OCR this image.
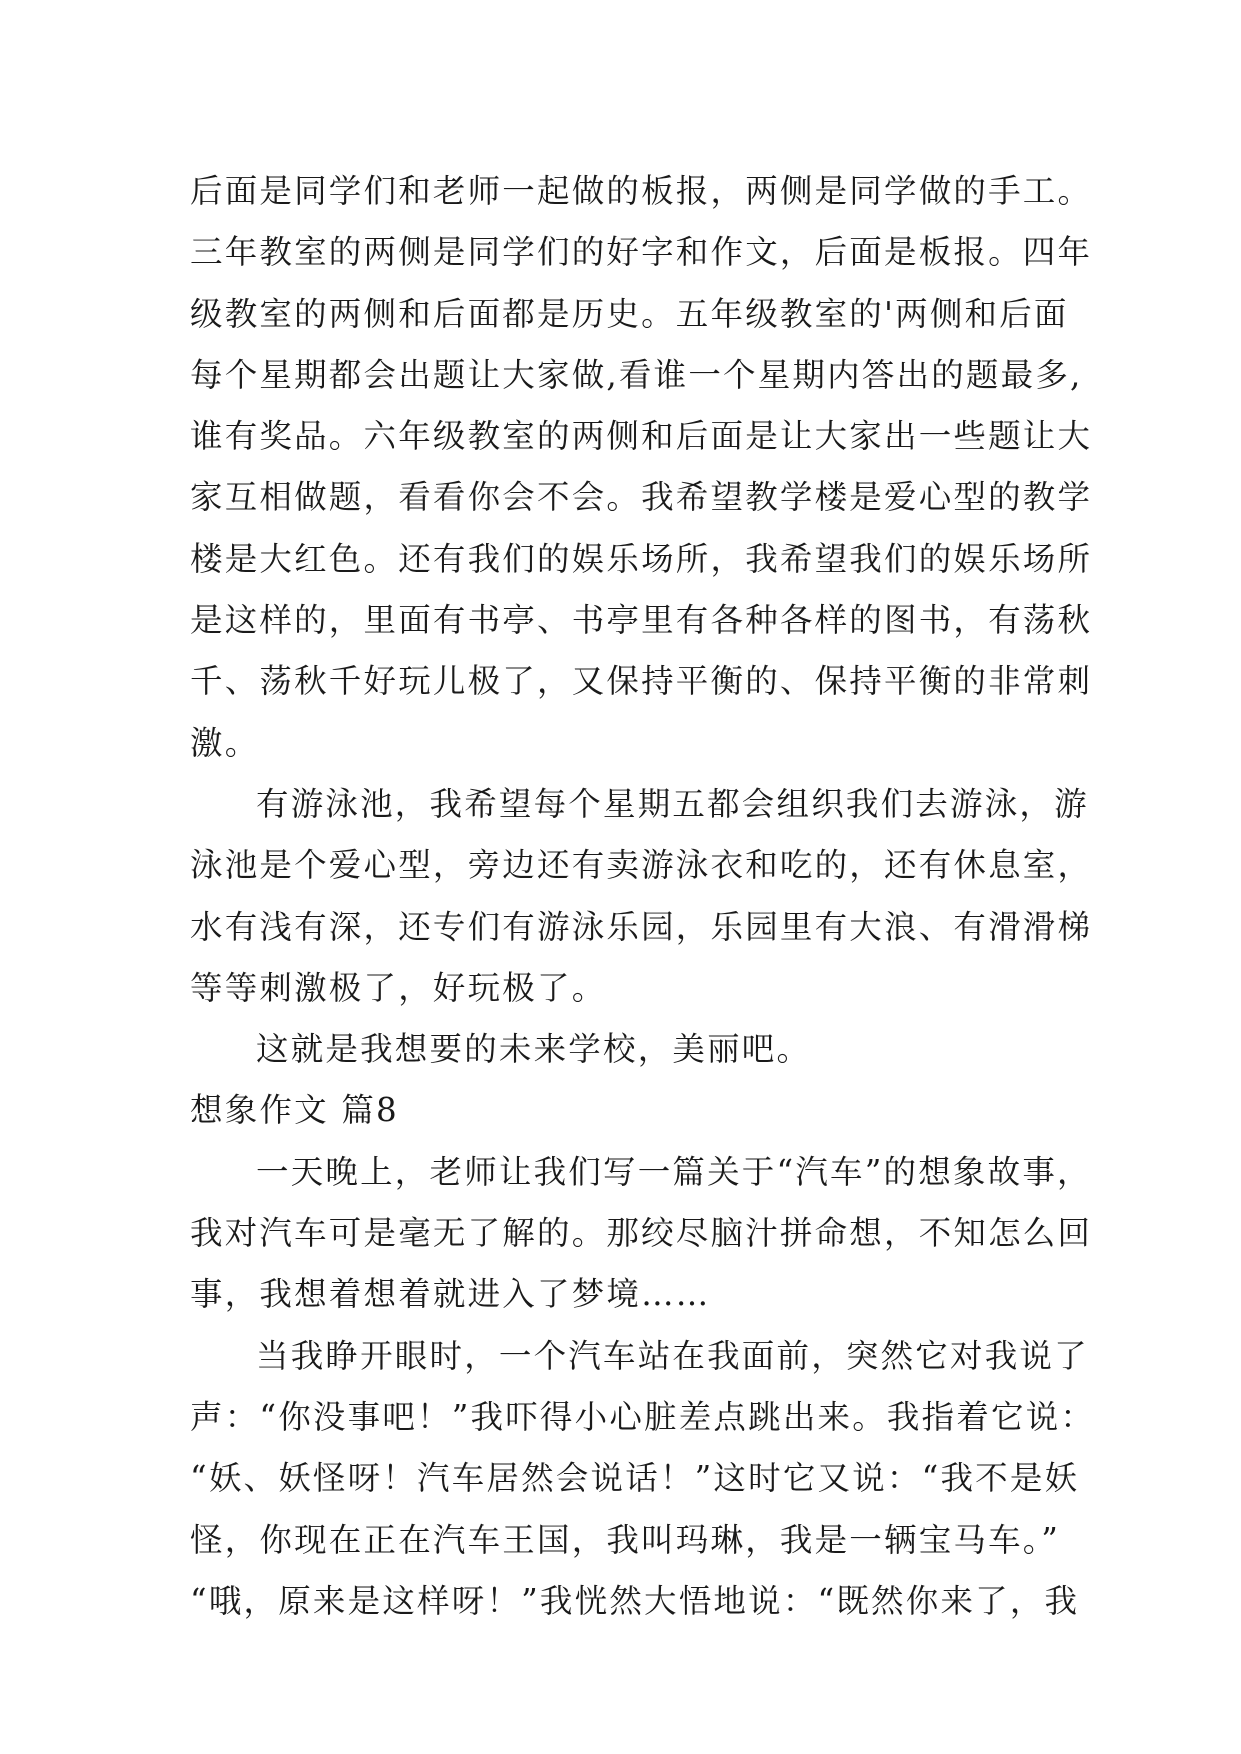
后面是同学们和老师一起做的板报，两侧是同学做的手工。
三年教室的两侧是同学们的好字和作文，后面是板报。四年
级教室的两侧和后面都是历史。五年级教室的'两侧和后面
每个星期都会出题让大家做,看谁一个星期内答出的题最多,
谁有奖品。六年级教室的两侧和后面是让大家出一些题让大
家互相做题，看看你会不会。我希望教学楼是爱心型的教学
楼是大红色。还有我们的娱乐场所，我希望我们的娱乐场所
是这样的，里面有书亭、书亭里有各种各样的图书，有荡秋
千、荡秋千好玩儿极了，又保持平衡的、保持平衡的非常刺
激。
有游泳池，我希望每个星期五都会组织我们去游泳，游
泳池是个爱心型，旁边还有卖游泳衣和吃的，还有休息室，
水有浅有深，还专们有游泳乐园，乐园里有大浪、有滑滑梯
等等刺激极了，好玩极了。
这就是我想要的未来学校，美丽吧。
想象作文 篇8
一天晚上，老师让我们写一篇关于“汽车”的想象故事，
我对汽车可是毫无了解的。那绞尽脑汁拼命想，不知怎么回
事，我想着想着就进入了梦境……
当我睁开眼时，一个汽车站在我面前，突然它对我说了
声：“你没事吧！”我吓得小心脏差点跳出来。我指着它说：
“妖、妖怪呀！汽车居然会说话！”这时它又说：“我不是妖
怪，你现在正在汽车王国，我叫玛琳，我是一辆宝马车。”
“哦，原来是这样呀！”我恍然大悟地说：“既然你来了，我
